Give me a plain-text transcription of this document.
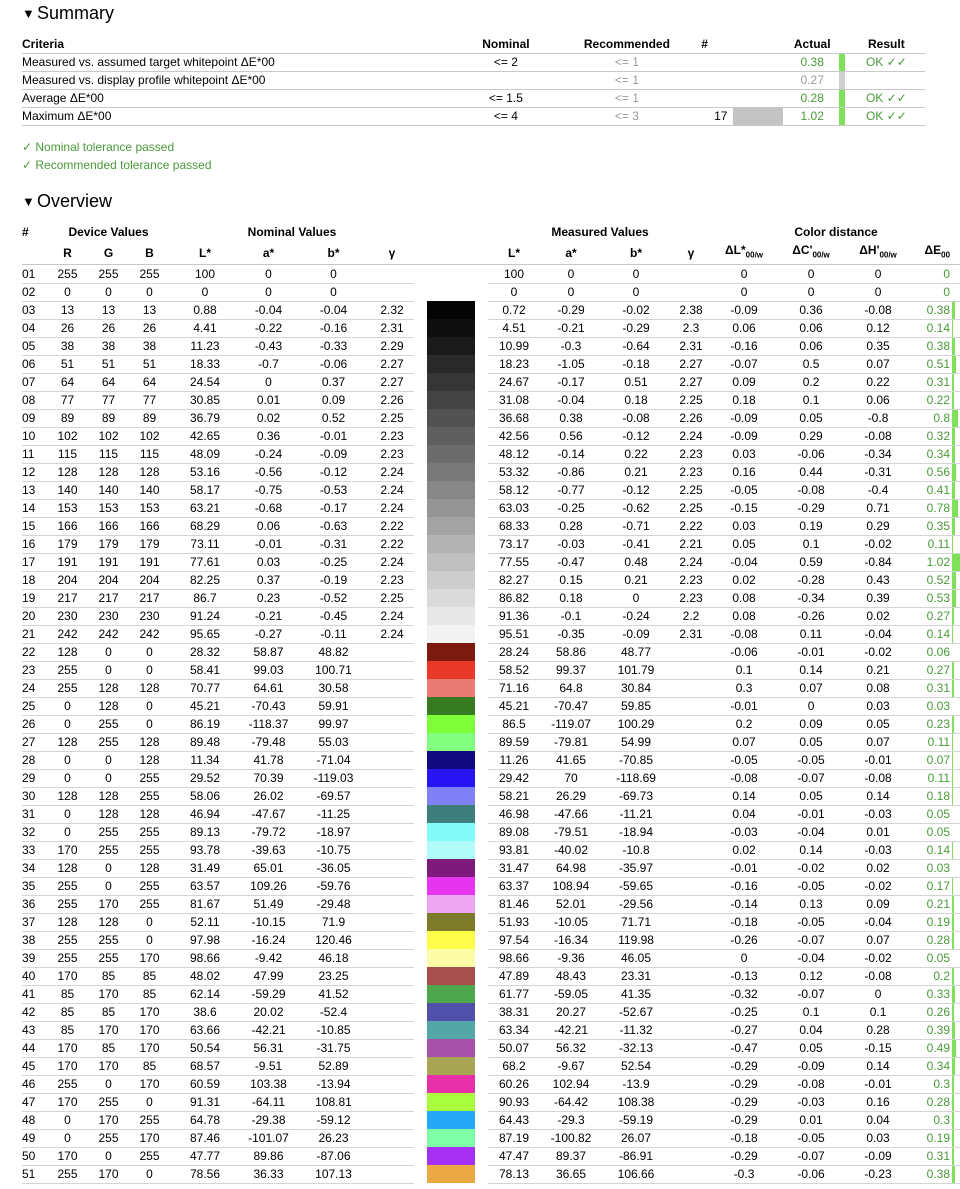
▼ Summary
Criteria	Nominal	Recommended	#		Actual		Result
Measured vs. assumed target whitepoint ΔE*00	<= 2	<= 1			0.38		OK ✓✓
Measured vs. display profile whitepoint ΔE*00		<= 1			0.27	

Average ΔE*00	<= 1.5	<= 1			0.28		OK ✓✓
Maximum ΔE*00	<= 4	<= 3	17		1.02		OK ✓✓
✓ Nominal tolerance passed
✓ Recommended tolerance passed
▼ Overview
#	Device Values			Nominal Values					Measured Values				Color distance				
	R	G	B	L*	a*	b*	γ		L*	a*	b*	γ	$\Delta L*_{00/w}$	$\Delta C'_{00/w}$	$\Delta H'_{00/w}$	$\Delta E_{00}$	
01	255	255	255	100	0	0			100	0	0		0	0	0	0	

02	0	0	0	0	0	0			0	0	0		0	0	0	0	

03	13	13	13	0.88	-0.04	-0.04	2.32		0.72	-0.29	-0.02	2.38	-0.09	0.36	-0.08	0.38	

04	26	26	26	4.41	-0.22	-0.16	2.31		4.51	-0.21	-0.29	2.3	0.06	0.06	0.12	0.14	

05	38	38	38	11.23	-0.43	-0.33	2.29		10.99	-0.3	-0.64	2.31	-0.16	0.06	0.35	0.38	

06	51	51	51	18.33	-0.7	-0.06	2.27		18.23	-1.05	-0.18	2.27	-0.07	0.5	0.07	0.51	

07	64	64	64	24.54	0	0.37	2.27		24.67	-0.17	0.51	2.27	0.09	0.2	0.22	0.31	

08	77	77	77	30.85	0.01	0.09	2.26		31.08	-0.04	0.18	2.25	0.18	0.1	0.06	0.22	

09	89	89	89	36.79	0.02	0.52	2.25		36.68	0.38	-0.08	2.26	-0.09	0.05	-0.8	0.8	

10	102	102	102	42.65	0.36	-0.01	2.23		42.56	0.56	-0.12	2.24	-0.09	0.29	-0.08	0.32	

11	115	115	115	48.09	-0.24	-0.09	2.23		48.12	-0.14	0.22	2.23	0.03	-0.06	-0.34	0.34	

12	128	128	128	53.16	-0.56	-0.12	2.24		53.32	-0.86	0.21	2.23	0.16	0.44	-0.31	0.56	

13	140	140	140	58.17	-0.75	-0.53	2.24		58.12	-0.77	-0.12	2.25	-0.05	-0.08	-0.4	0.41	

14	153	153	153	63.21	-0.68	-0.17	2.24		63.03	-0.25	-0.62	2.25	-0.15	-0.29	0.71	0.78	

15	166	166	166	68.29	0.06	-0.63	2.22		68.33	0.28	-0.71	2.22	0.03	0.19	0.29	0.35	

16	179	179	179	73.11	-0.01	-0.31	2.22		73.17	-0.03	-0.41	2.21	0.05	0.1	-0.02	0.11	

17	191	191	191	77.61	0.03	-0.25	2.24		77.55	-0.47	0.48	2.24	-0.04	0.59	-0.84	1.02	

18	204	204	204	82.25	0.37	-0.19	2.23		82.27	0.15	0.21	2.23	0.02	-0.28	0.43	0.52	

19	217	217	217	86.7	0.23	-0.52	2.25		86.82	0.18	0	2.23	0.08	-0.34	0.39	0.53	

20	230	230	230	91.24	-0.21	-0.45	2.24		91.36	-0.1	-0.24	2.2	0.08	-0.26	0.02	0.27	

21	242	242	242	95.65	-0.27	-0.11	2.24		95.51	-0.35	-0.09	2.31	-0.08	0.11	-0.04	0.14	

22	128	0	0	28.32	58.87	48.82			28.24	58.86	48.77		-0.06	-0.01	-0.02	0.06	

23	255	0	0	58.41	99.03	100.71			58.52	99.37	101.79		0.1	0.14	0.21	0.27	

24	255	128	128	70.77	64.61	30.58			71.16	64.8	30.84		0.3	0.07	0.08	0.31	

25	0	128	0	45.21	-70.43	59.91			45.21	-70.47	59.85		-0.01	0	0.03	0.03	

26	0	255	0	86.19	-118.37	99.97			86.5	-119.07	100.29		0.2	0.09	0.05	0.23	

27	128	255	128	89.48	-79.48	55.03			89.59	-79.81	54.99		0.07	0.05	0.07	0.11	

28	0	0	128	11.34	41.78	-71.04			11.26	41.65	-70.85		-0.05	-0.05	-0.01	0.07	

29	0	0	255	29.52	70.39	-119.03			29.42	70	-118.69		-0.08	-0.07	-0.08	0.11	

30	128	128	255	58.06	26.02	-69.57			58.21	26.29	-69.73		0.14	0.05	0.14	0.18	

31	0	128	128	46.94	-47.67	-11.25			46.98	-47.66	-11.21		0.04	-0.01	-0.03	0.05	

32	0	255	255	89.13	-79.72	-18.97			89.08	-79.51	-18.94		-0.03	-0.04	0.01	0.05	

33	170	255	255	93.78	-39.63	-10.75			93.81	-40.02	-10.8		0.02	0.14	-0.03	0.14	

34	128	0	128	31.49	65.01	-36.05			31.47	64.98	-35.97		-0.01	-0.02	0.02	0.03	

35	255	0	255	63.57	109.26	-59.76			63.37	108.94	-59.65		-0.16	-0.05	-0.02	0.17	

36	255	170	255	81.67	51.49	-29.48			81.46	52.01	-29.56		-0.14	0.13	0.09	0.21	

37	128	128	0	52.11	-10.15	71.9			51.93	-10.05	71.71		-0.18	-0.05	-0.04	0.19	

38	255	255	0	97.98	-16.24	120.46			97.54	-16.34	119.98		-0.26	-0.07	0.07	0.28	

39	255	255	170	98.66	-9.42	46.18			98.66	-9.36	46.05		0	-0.04	-0.02	0.05	

40	170	85	85	48.02	47.99	23.25			47.89	48.43	23.31		-0.13	0.12	-0.08	0.2	

41	85	170	85	62.14	-59.29	41.52			61.77	-59.05	41.35		-0.32	-0.07	0	0.33	

42	85	85	170	38.6	20.02	-52.4			38.31	20.27	-52.67		-0.25	0.1	0.1	0.26	

43	85	170	170	63.66	-42.21	-10.85			63.34	-42.21	-11.32		-0.27	0.04	0.28	0.39	

44	170	85	170	50.54	56.31	-31.75			50.07	56.32	-32.13		-0.47	0.05	-0.15	0.49	

45	170	170	85	68.57	-9.51	52.89			68.2	-9.67	52.54		-0.29	-0.09	0.14	0.34	

46	255	0	170	60.59	103.38	-13.94			60.26	102.94	-13.9		-0.29	-0.08	-0.01	0.3	

47	170	255	0	91.31	-64.11	108.81			90.93	-64.42	108.38		-0.29	-0.03	0.16	0.28	

48	0	170	255	64.78	-29.38	-59.12			64.43	-29.3	-59.19		-0.29	0.01	0.04	0.3	

49	0	255	170	87.46	-101.07	26.23			87.19	-100.82	26.07		-0.18	-0.05	0.03	0.19	

50	170	0	255	47.77	89.86	-87.06			47.47	89.37	-86.91		-0.29	-0.07	-0.09	0.31	

51	255	170	0	78.56	36.33	107.13			78.13	36.65	106.66		-0.3	-0.06	-0.23	0.38	
